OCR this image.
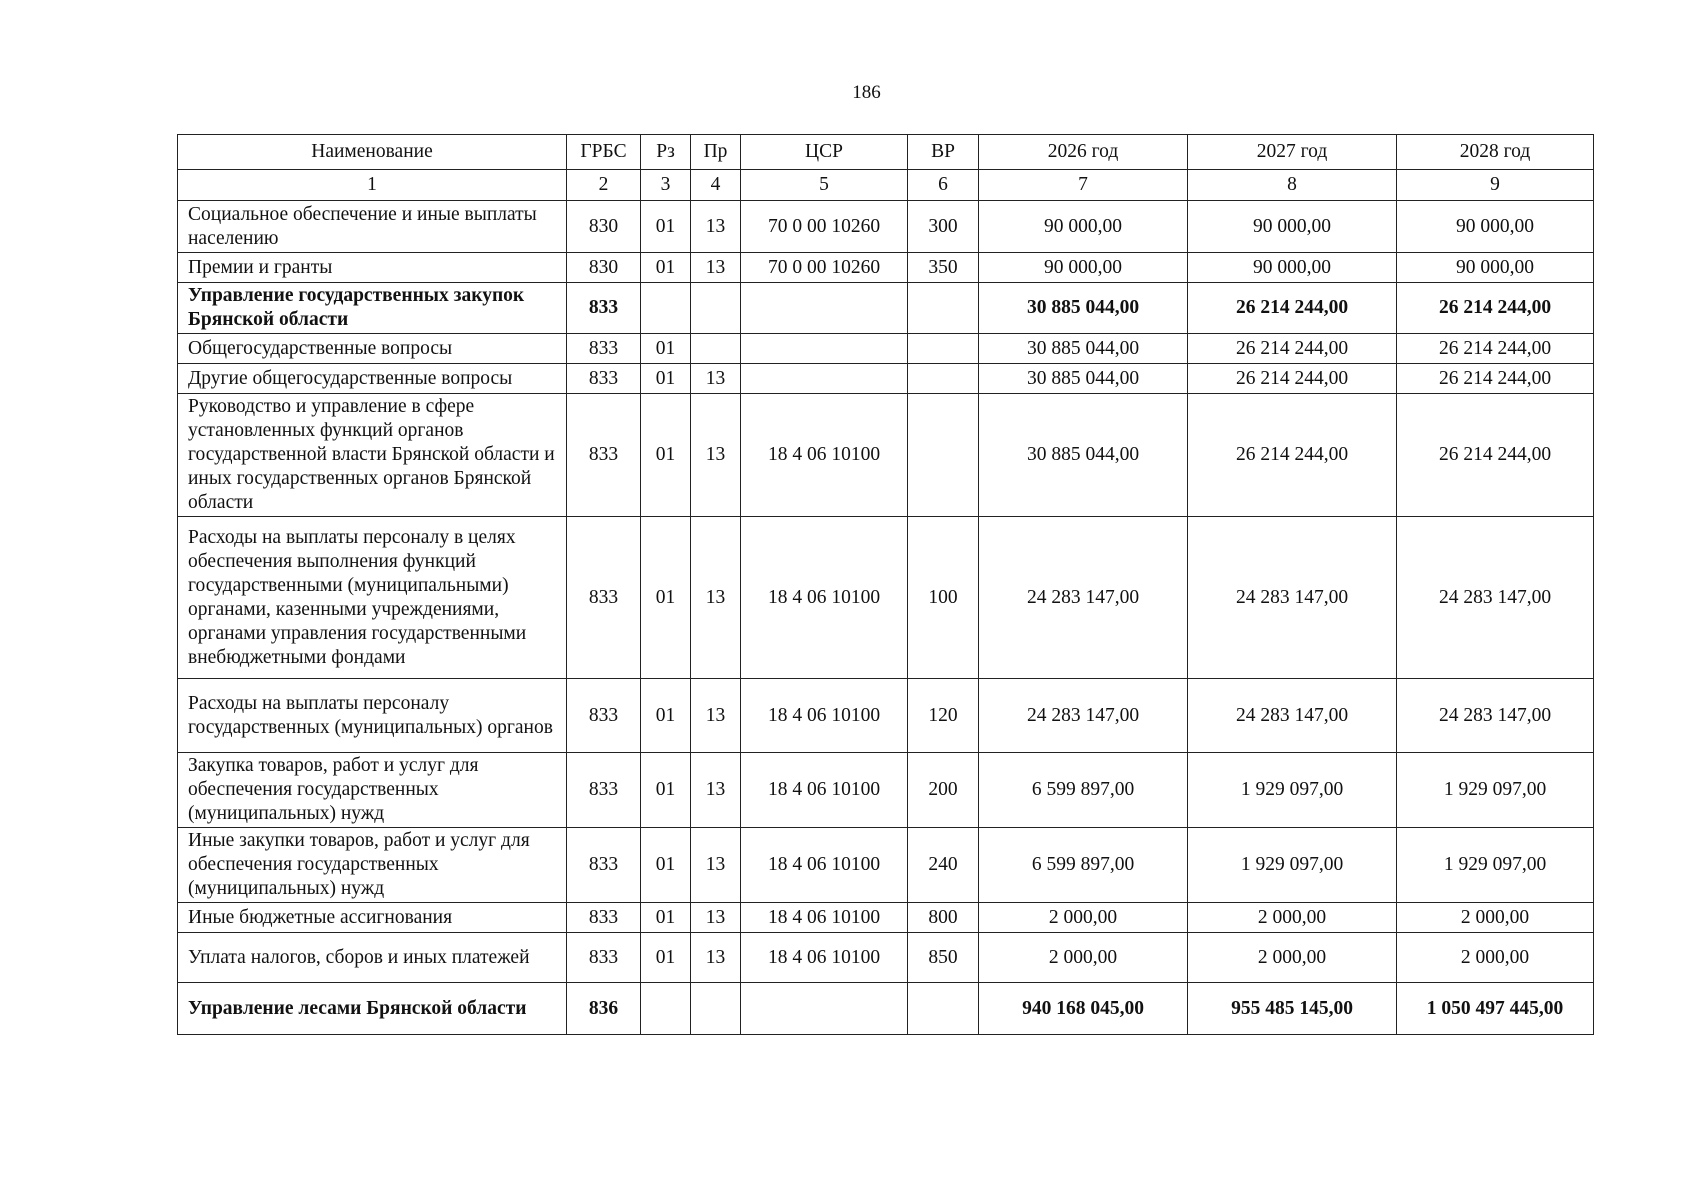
186
Наименование	ГРБС	Рз	Пр	ЦСР	ВР	2026 год	2027 год	2028 год
1	2	3	4	5	6	7	8	9
Социальное обеспечение и иные выплаты населению	830	01	13	70 0 00 10260	300	90 000,00	90 000,00	90 000,00
Премии и гранты	830	01	13	70 0 00 10260	350	90 000,00	90 000,00	90 000,00
Управление государственных закупок Брянской области	833					30 885 044,00	26 214 244,00	26 214 244,00
Общегосударственные вопросы	833	01				30 885 044,00	26 214 244,00	26 214 244,00
Другие общегосударственные вопросы	833	01	13			30 885 044,00	26 214 244,00	26 214 244,00
Руководство и управление в сфере установленных функций органов государственной власти Брянской области и иных государственных органов Брянской области	833	01	13	18 4 06 10100		30 885 044,00	26 214 244,00	26 214 244,00
Расходы на выплаты персоналу в целях обеспечения выполнения функций государственными (муниципальными) органами, казенными учреждениями, органами управления государственными внебюджетными фондами	833	01	13	18 4 06 10100	100	24 283 147,00	24 283 147,00	24 283 147,00
Расходы на выплаты персоналу государственных (муниципальных) органов	833	01	13	18 4 06 10100	120	24 283 147,00	24 283 147,00	24 283 147,00
Закупка товаров, работ и услуг для обеспечения государственных (муниципальных) нужд	833	01	13	18 4 06 10100	200	6 599 897,00	1 929 097,00	1 929 097,00
Иные закупки товаров, работ и услуг для обеспечения государственных (муниципальных) нужд	833	01	13	18 4 06 10100	240	6 599 897,00	1 929 097,00	1 929 097,00
Иные бюджетные ассигнования	833	01	13	18 4 06 10100	800	2 000,00	2 000,00	2 000,00
Уплата налогов, сборов и иных платежей	833	01	13	18 4 06 10100	850	2 000,00	2 000,00	2 000,00
Управление лесами Брянской области	836					940 168 045,00	955 485 145,00	1 050 497 445,00
